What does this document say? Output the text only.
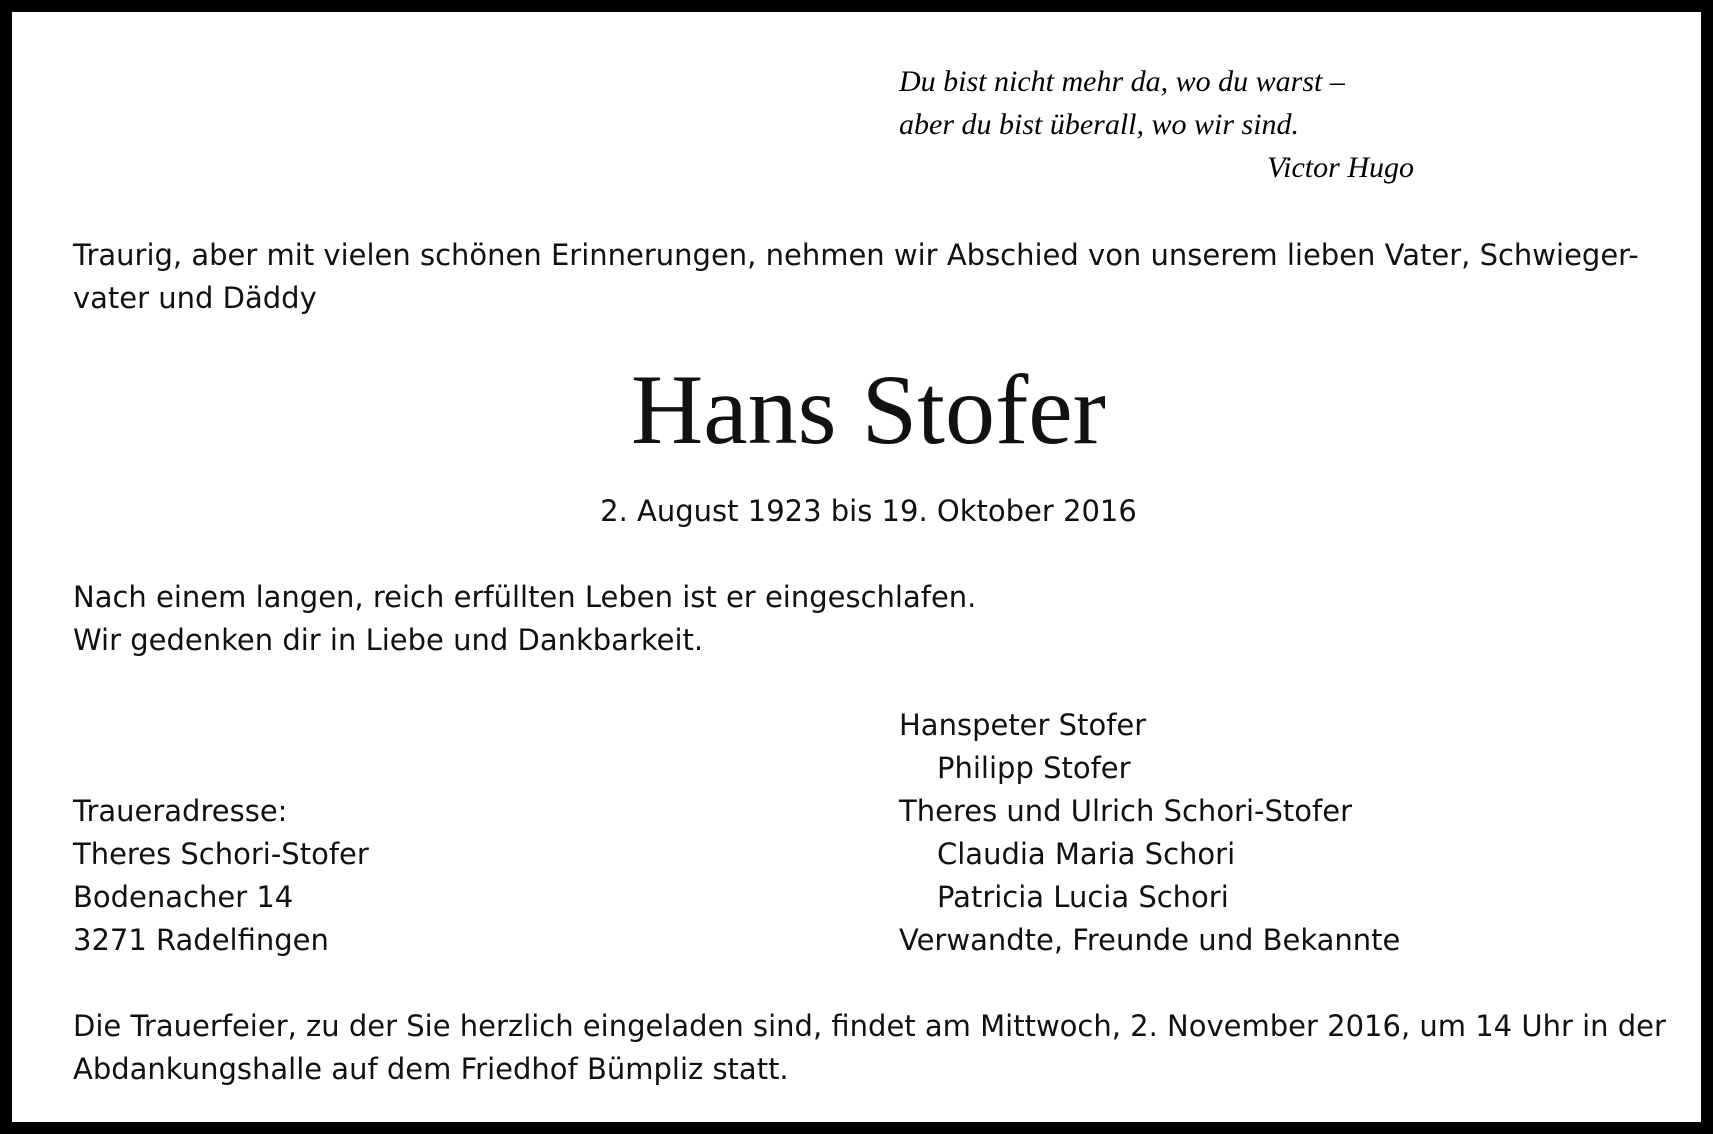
Du bist nicht mehr da, wo du warst –
aber du bist überall, wo wir sind.
Victor Hugo
Traurig, aber mit vielen schönen Erinnerungen, nehmen wir Abschied von unserem lieben Vater, Schwieger-
vater und Däddy
Hans Stofer
2. August 1923 bis 19. Oktober 2016
Nach einem langen, reich erfüllten Leben ist er eingeschlafen.
Wir gedenken dir in Liebe und Dankbarkeit.
Hanspeter Stofer
Philipp Stofer
Theres und Ulrich Schori-Stofer
Claudia Maria Schori
Patricia Lucia Schori
Verwandte, Freunde und Bekannte
Traueradresse:
Theres Schori-Stofer
Bodenacher 14
3271 Radelfingen
Die Trauerfeier, zu der Sie herzlich eingeladen sind, findet am Mittwoch, 2. November 2016, um 14 Uhr in der
Abdankungshalle auf dem Friedhof Bümpliz statt.
